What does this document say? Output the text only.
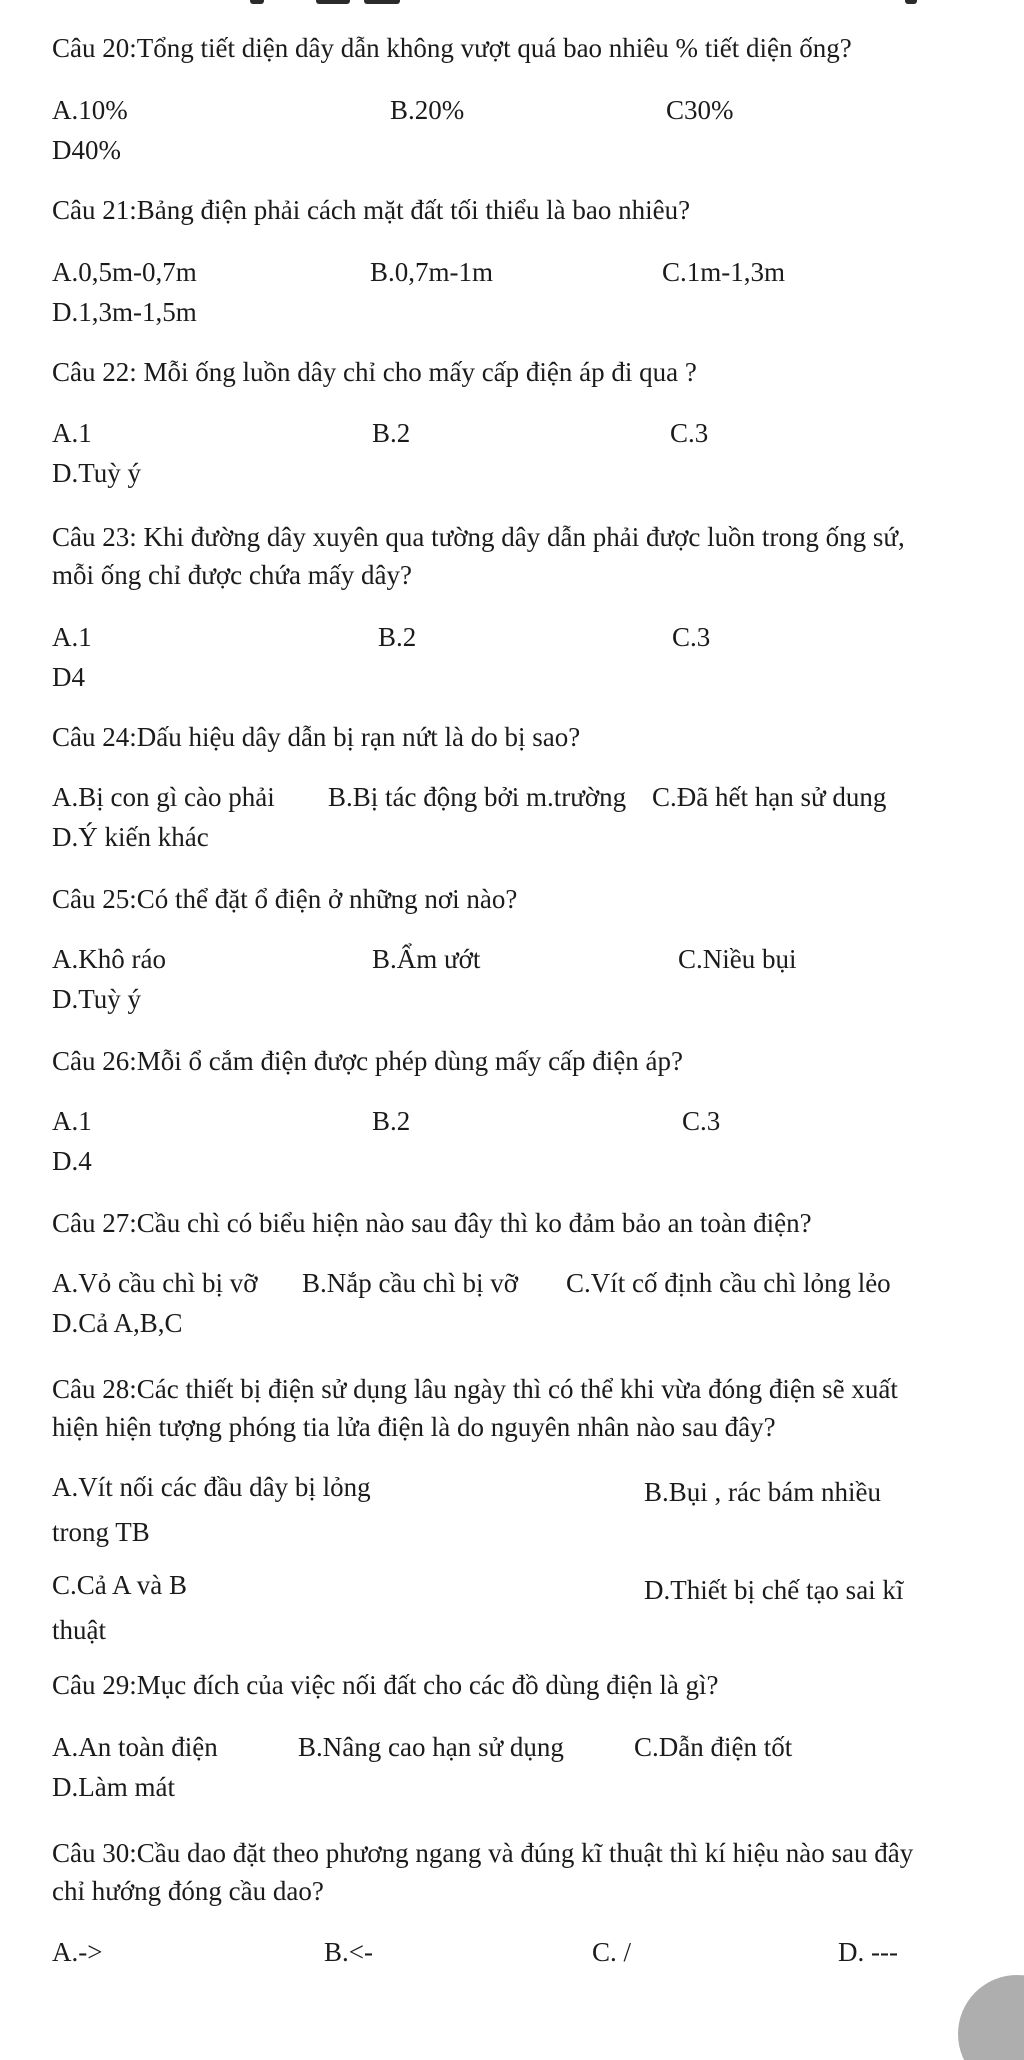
Câu 20:Tổng tiết diện dây dẫn không vượt quá bao nhiêu % tiết diện ống?

A.10%	B.20%	C30%

D40%

Câu 21:Bảng điện phải cách mặt đất tối thiểu là bao nhiêu?

A.0,5m-0,7m	B.0,7m-1m	C.1m-1,3m

D.1,3m-1,5m

Câu 22: Mỗi ống luồn dây chỉ cho mấy cấp điện áp đi qua ?

A.1	B.2	C.3

D.Tuỳ ý

Câu 23: Khi đường dây xuyên qua tường dây dẫn phải được luồn trong ống sứ, mỗi ống chỉ được chứa mấy dây?

A.1	B.2	C.3

D4

Câu 24:Dấu hiệu dây dẫn bị rạn nứt là do bị sao?

A.Bị con gì cào phải B.Bị tác động bởi m.trường C.Đã hết hạn sử dung

D.Ý kiến khác

Câu 25:Có thể đặt ổ điện ở những nơi nào?

A.Khô ráo	B.Ẩm ướt	C.Niều bụi

D.Tuỳ ý

Câu 26:Mỗi ổ cắm điện được phép dùng mấy cấp điện áp?

A.1	B.2	C.3

D.4

Câu 27:Cầu chì có biểu hiện nào sau đây thì ko đảm bảo an toàn điện?

A.Vỏ cầu chì bị vỡ B.Nắp cầu chì bị vỡ C.Vít cố định cầu chì lỏng lẻo

D.Cả A,B,C

Câu 28:Các thiết bị điện sử dụng lâu ngày thì có thể khi vừa đóng điện sẽ xuất hiện hiện tượng phóng tia lửa điện là do nguyên nhân nào sau đây?

A.Vít nối các đầu dây bị lỏng	B.Bụi , rác bám nhiều trong TB

C.Cả A và B	D.Thiết bị chế tạo sai kĩ thuật

Câu 29:Mục đích của việc nối đất cho các đồ dùng điện là gì?

A.An toàn điện	B.Nâng cao hạn sử dụng	C.Dẫn điện tốt

D.Làm mát

Câu 30:Cầu dao đặt theo phương ngang và đúng kĩ thuật thì kí hiệu nào sau đây chỉ hướng đóng cầu dao?

A.->	B.<-	C. /	D. ---
